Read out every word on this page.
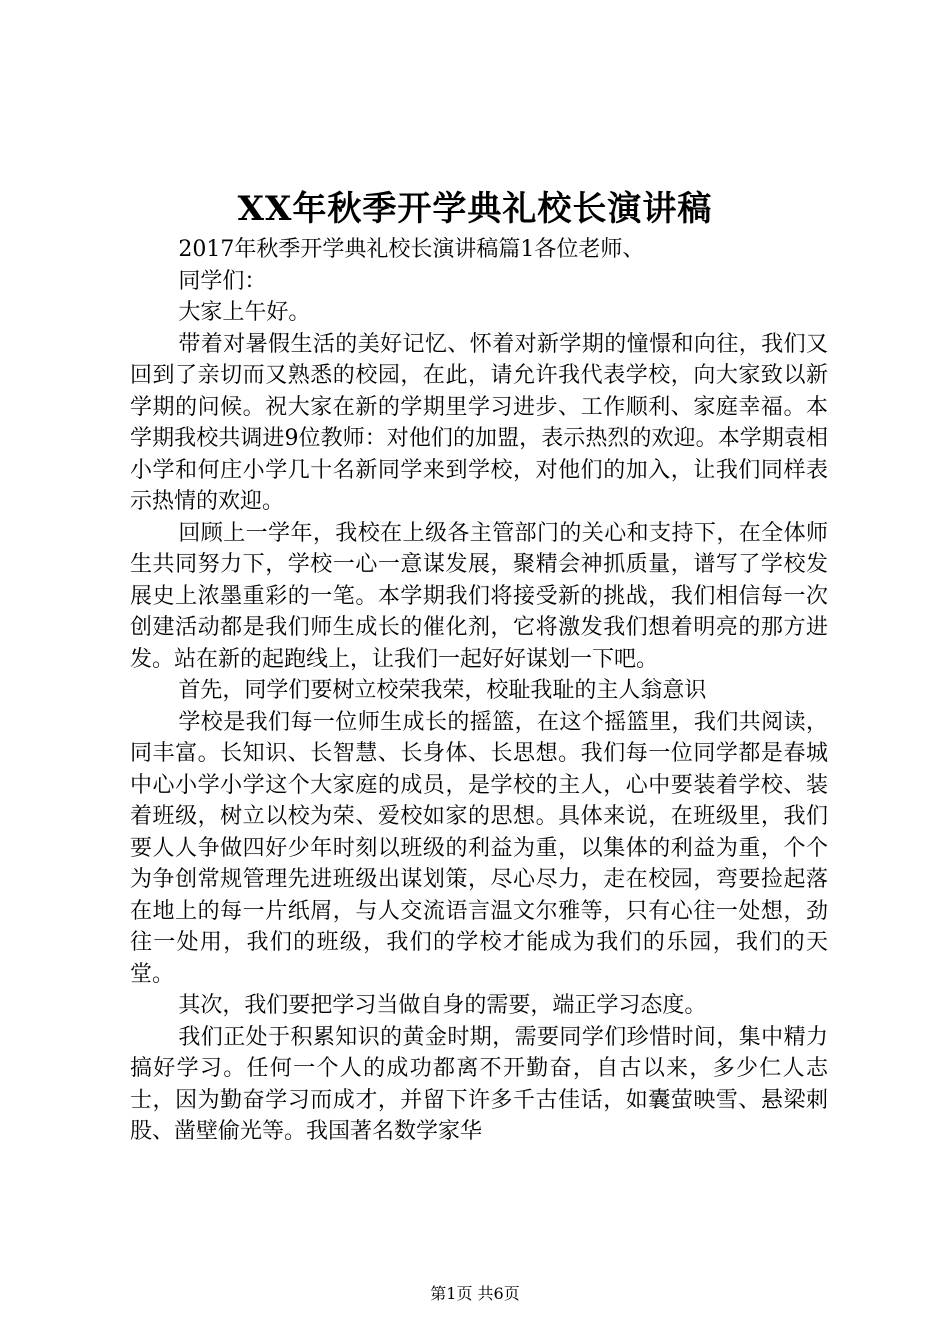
XX年秋季开学典礼校长演讲稿

2017年秋季开学典礼校长演讲稿篇1各位老师、

同学们：

大家上午好。

带着对暑假生活的美好记忆、怀着对新学期的憧憬和向往，我们又回到了亲切而又熟悉的校园，在此，请允许我代表学校，向大家致以新学期的问候。祝大家在新的学期里学习进步、工作顺利、家庭幸福。本学期我校共调进9位教师：对他们的加盟，表示热烈的欢迎。本学期袁相小学和何庄小学几十名新同学来到学校，对他们的加入，让我们同样表示热情的欢迎。

回顾上一学年，我校在上级各主管部门的关心和支持下，在全体师生共同努力下，学校一心一意谋发展，聚精会神抓质量，谱写了学校发展史上浓墨重彩的一笔。本学期我们将接受新的挑战，我们相信每一次创建活动都是我们师生成长的催化剂，它将激发我们想着明亮的那方进发。站在新的起跑线上，让我们一起好好谋划一下吧。

首先，同学们要树立校荣我荣，校耻我耻的主人翁意识

学校是我们每一位师生成长的摇篮，在这个摇篮里，我们共阅读，同丰富。长知识、长智慧、长身体、长思想。我们每一位同学都是春城中心小学小学这个大家庭的成员，是学校的主人，心中要装着学校、装着班级，树立以校为荣、爱校如家的思想。具体来说，在班级里，我们要人人争做四好少年时刻以班级的利益为重，以集体的利益为重，个个为争创常规管理先进班级出谋划策，尽心尽力，走在校园，弯要捡起落在地上的每一片纸屑，与人交流语言温文尔雅等，只有心往一处想，劲往一处用，我们的班级，我们的学校才能成为我们的乐园，我们的天堂。

其次，我们要把学习当做自身的需要，端正学习态度。

我们正处于积累知识的黄金时期，需要同学们珍惜时间，集中精力搞好学习。任何一个人的成功都离不开勤奋，自古以来，多少仁人志士，因为勤奋学习而成才，并留下许多千古佳话，如囊萤映雪、悬梁刺股、凿壁偷光等。我国著名数学家华

第1页 共6页
